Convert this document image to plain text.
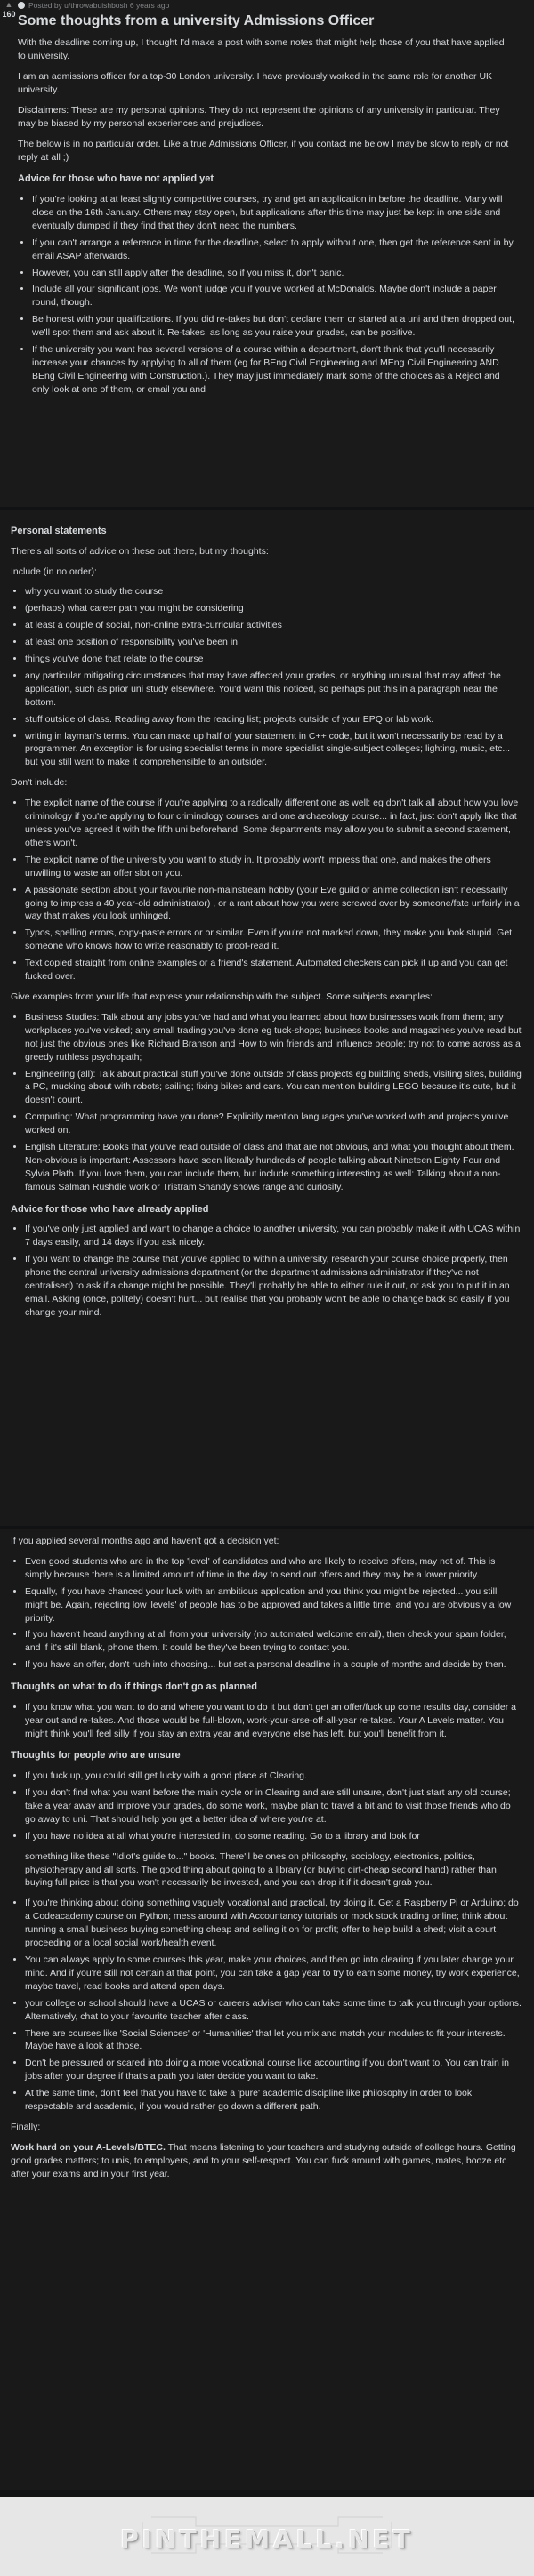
▲
160
Posted by u/throwabuishbosh 6 years ago
Some thoughts from a university Admissions Officer

With the deadline coming up, I thought I'd make a post with some notes that might help those of you that have applied to university.

I am an admissions officer for a top-30 London university. I have previously worked in the same role for another UK university.

Disclaimers: These are my personal opinions. They do not represent the opinions of any university in particular. They may be biased by my personal experiences and prejudices.

The below is in no particular order. Like a true Admissions Officer, if you contact me below I may be slow to reply or not reply at all ;)

Advice for those who have not applied yet
• If you're looking at at least slightly competitive courses, try and get an application in before the deadline. Many will close on the 16th January. Others may stay open, but applications after this time may just be kept in one side and eventually dumped if they find that they don't need the numbers.
• If you can't arrange a reference in time for the deadline, select to apply without one, then get the reference sent in by email ASAP afterwards.
• However, you can still apply after the deadline, so if you miss it, don't panic.
• Include all your significant jobs. We won't judge you if you've worked at McDonalds. Maybe don't include a paper round, though.
• Be honest with your qualifications. If you did re-takes but don't declare them or started at a uni and then dropped out, we'll spot them and ask about it. Re-takes, as long as you raise your grades, can be positive.
• If the university you want has several versions of a course within a department, don't think that you'll necessarily increase your chances by applying to all of them (eg for BEng Civil Engineering and MEng Civil Engineering AND BEng Civil Engineering with Construction.). They may just immediately mark some of the choices as a Reject and only look at one of them, or email you and
Personal statements

There's all sorts of advice on these out there, but my thoughts:

Include (in no order):

• why you want to study the course
• (perhaps) what career path you might be considering
• at least a couple of social, non-online extra-curricular activities
• at least one position of responsibility you've been in
• things you've done that relate to the course
• any particular mitigating circumstances that may have affected your grades, or anything unusual that may affect the application, such as prior uni study elsewhere. You'd want this noticed, so perhaps put this in a paragraph near the bottom.
• stuff outside of class. Reading away from the reading list; projects outside of your EPQ or lab work.
• writing in layman's terms. You can make up half of your statement in C++ code, but it won't necessarily be read by a programmer. An exception is for using specialist terms in more specialist single-subject colleges; lighting, music, etc... but you still want to make it comprehensible to an outsider.

Don't include:

• The explicit name of the course if you're applying to a radically different one as well: eg don't talk all about how you love criminology if you're applying to four criminology courses and one archaeology course... in fact, just don't apply like that unless you've agreed it with the fifth uni beforehand. Some departments may allow you to submit a second statement, others won't.
• The explicit name of the university you want to study in. It probably won't impress that one, and makes the others unwilling to waste an offer slot on you.
• A passionate section about your favourite non-mainstream hobby (your Eve guild or anime collection isn't necessarily going to impress a 40 year-old administrator) , or a rant about how you were screwed over by someone/fate unfairly in a way that makes you look unhinged.
• Typos, spelling errors, copy-paste errors or or similar. Even if you're not marked down, they make you look stupid. Get someone who knows how to write reasonably to proof-read it.
• Text copied straight from online examples or a friend's statement. Automated checkers can pick it up and you can get fucked over.

Give examples from your life that express your relationship with the subject. Some subjects examples:

• Business Studies: Talk about any jobs you've had and what you learned about how businesses work from them; any workplaces you've visited; any small trading you've done eg tuck-shops; business books and magazines you've read but not just the obvious ones like Richard Branson and How to win friends and influence people; try not to come across as a greedy ruthless psychopath;
• Engineering (all): Talk about practical stuff you've done outside of class projects eg building sheds, visiting sites, building a PC, mucking about with robots; sailing; fixing bikes and cars. You can mention building LEGO because it's cute, but it doesn't count.
• Computing: What programming have you done? Explicitly mention languages you've worked with and projects you've worked on.
• English Literature: Books that you've read outside of class and that are not obvious, and what you thought about them. Non-obvious is important: Assessors have seen literally hundreds of people talking about Nineteen Eighty Four and Sylvia Plath. If you love them, you can include them, but include something interesting as well: Talking about a non-famous Salman Rushdie work or Tristram Shandy shows range and curiosity.
Advice for those who have already applied
• If you've only just applied and want to change a choice to another university, you can probably make it with UCAS within 7 days easily, and 14 days if you ask nicely.
• If you want to change the course that you've applied to within a university, research your course choice properly, then phone the central university admissions department (or the department admissions administrator if they've not centralised) to ask if a change might be possible. They'll probably be able to either rule it out, or ask you to put it in an email. Asking (once, politely) doesn't hurt... but realise that you probably won't be able to change back so easily if you change your mind.

If you applied several months ago and haven't got a decision yet:

• Even good students who are in the top 'level' of candidates and who are likely to receive offers, may not of. This is simply because there is a limited amount of time in the day to send out offers and they may be a lower priority.
• Equally, if you have chanced your luck with an ambitious application and you think you might be rejected... you still might be. Again, rejecting low 'levels' of people has to be approved and takes a little time, and you are obviously a low priority.
• If you haven't heard anything at all from your university (no automated welcome email), then check your spam folder, and if it's still blank, phone them. It could be they've been trying to contact you.
• If you have an offer, don't rush into choosing... but set a personal deadline in a couple of months and decide by then.
Thoughts on what to do if things don't go as planned
• If you know what you want to do and where you want to do it but don't get an offer/fuck up come results day, consider a year out and re-takes. And those would be full-blown, work-your-arse-off-all-year re-takes. Your A Levels matter. You might think you'll feel silly if you stay an extra year and everyone else has left, but you'll benefit from it.
Thoughts for people who are unsure
• If you fuck up, you could still get lucky with a good place at Clearing.
• If you don't find what you want before the main cycle or in Clearing and are still unsure, don't just start any old course; take a year away and improve your grades, do some work, maybe plan to travel a bit and to visit those friends who do go away to uni. That should help you get a better idea of where you're at.
• If you have no idea at all what you're interested in, do some reading. Go to a library and look for
something like these "Idiot's guide to..." books. There'll be ones on philosophy, sociology, electronics, politics, physiotherapy and all sorts. The good thing about going to a library (or buying dirt-cheap second hand) rather than buying full price is that you won't necessarily be invested, and you can drop it if it doesn't grab you.
• If you're thinking about doing something vaguely vocational and practical, try doing it. Get a Raspberry Pi or Arduino; do a Codeacademy course on Python; mess around with Accountancy tutorials or mock stock trading online; think about running a small business buying something cheap and selling it on for profit; offer to help build a shed; visit a court proceeding or a local social work/health event.
• You can always apply to some courses this year, make your choices, and then go into clearing if you later change your mind. And if you're still not certain at that point, you can take a gap year to try to earn some money, try work experience, maybe travel, read books and attend open days.
• your college or school should have a UCAS or careers adviser who can take some time to talk you through your options. Alternatively, chat to your favourite teacher after class.
• There are courses like 'Social Sciences' or 'Humanities' that let you mix and match your modules to fit your interests. Maybe have a look at those.
• Don't be pressured or scared into doing a more vocational course like accounting if you don't want to. You can train in jobs after your degree if that's a path you later decide you want to take.
• At the same time, don't feel that you have to take a 'pure' academic discipline like philosophy in order to look respectable and academic, if you would rather go down a different path.

Finally:

Work hard on your A-Levels/BTEC. That means listening to your teachers and studying outside of college hours. Getting good grades matters; to unis, to employers, and to your self-respect. You can fuck around with games, mates, booze etc after your exams and in your first year.

PINTHEMALL.NET
